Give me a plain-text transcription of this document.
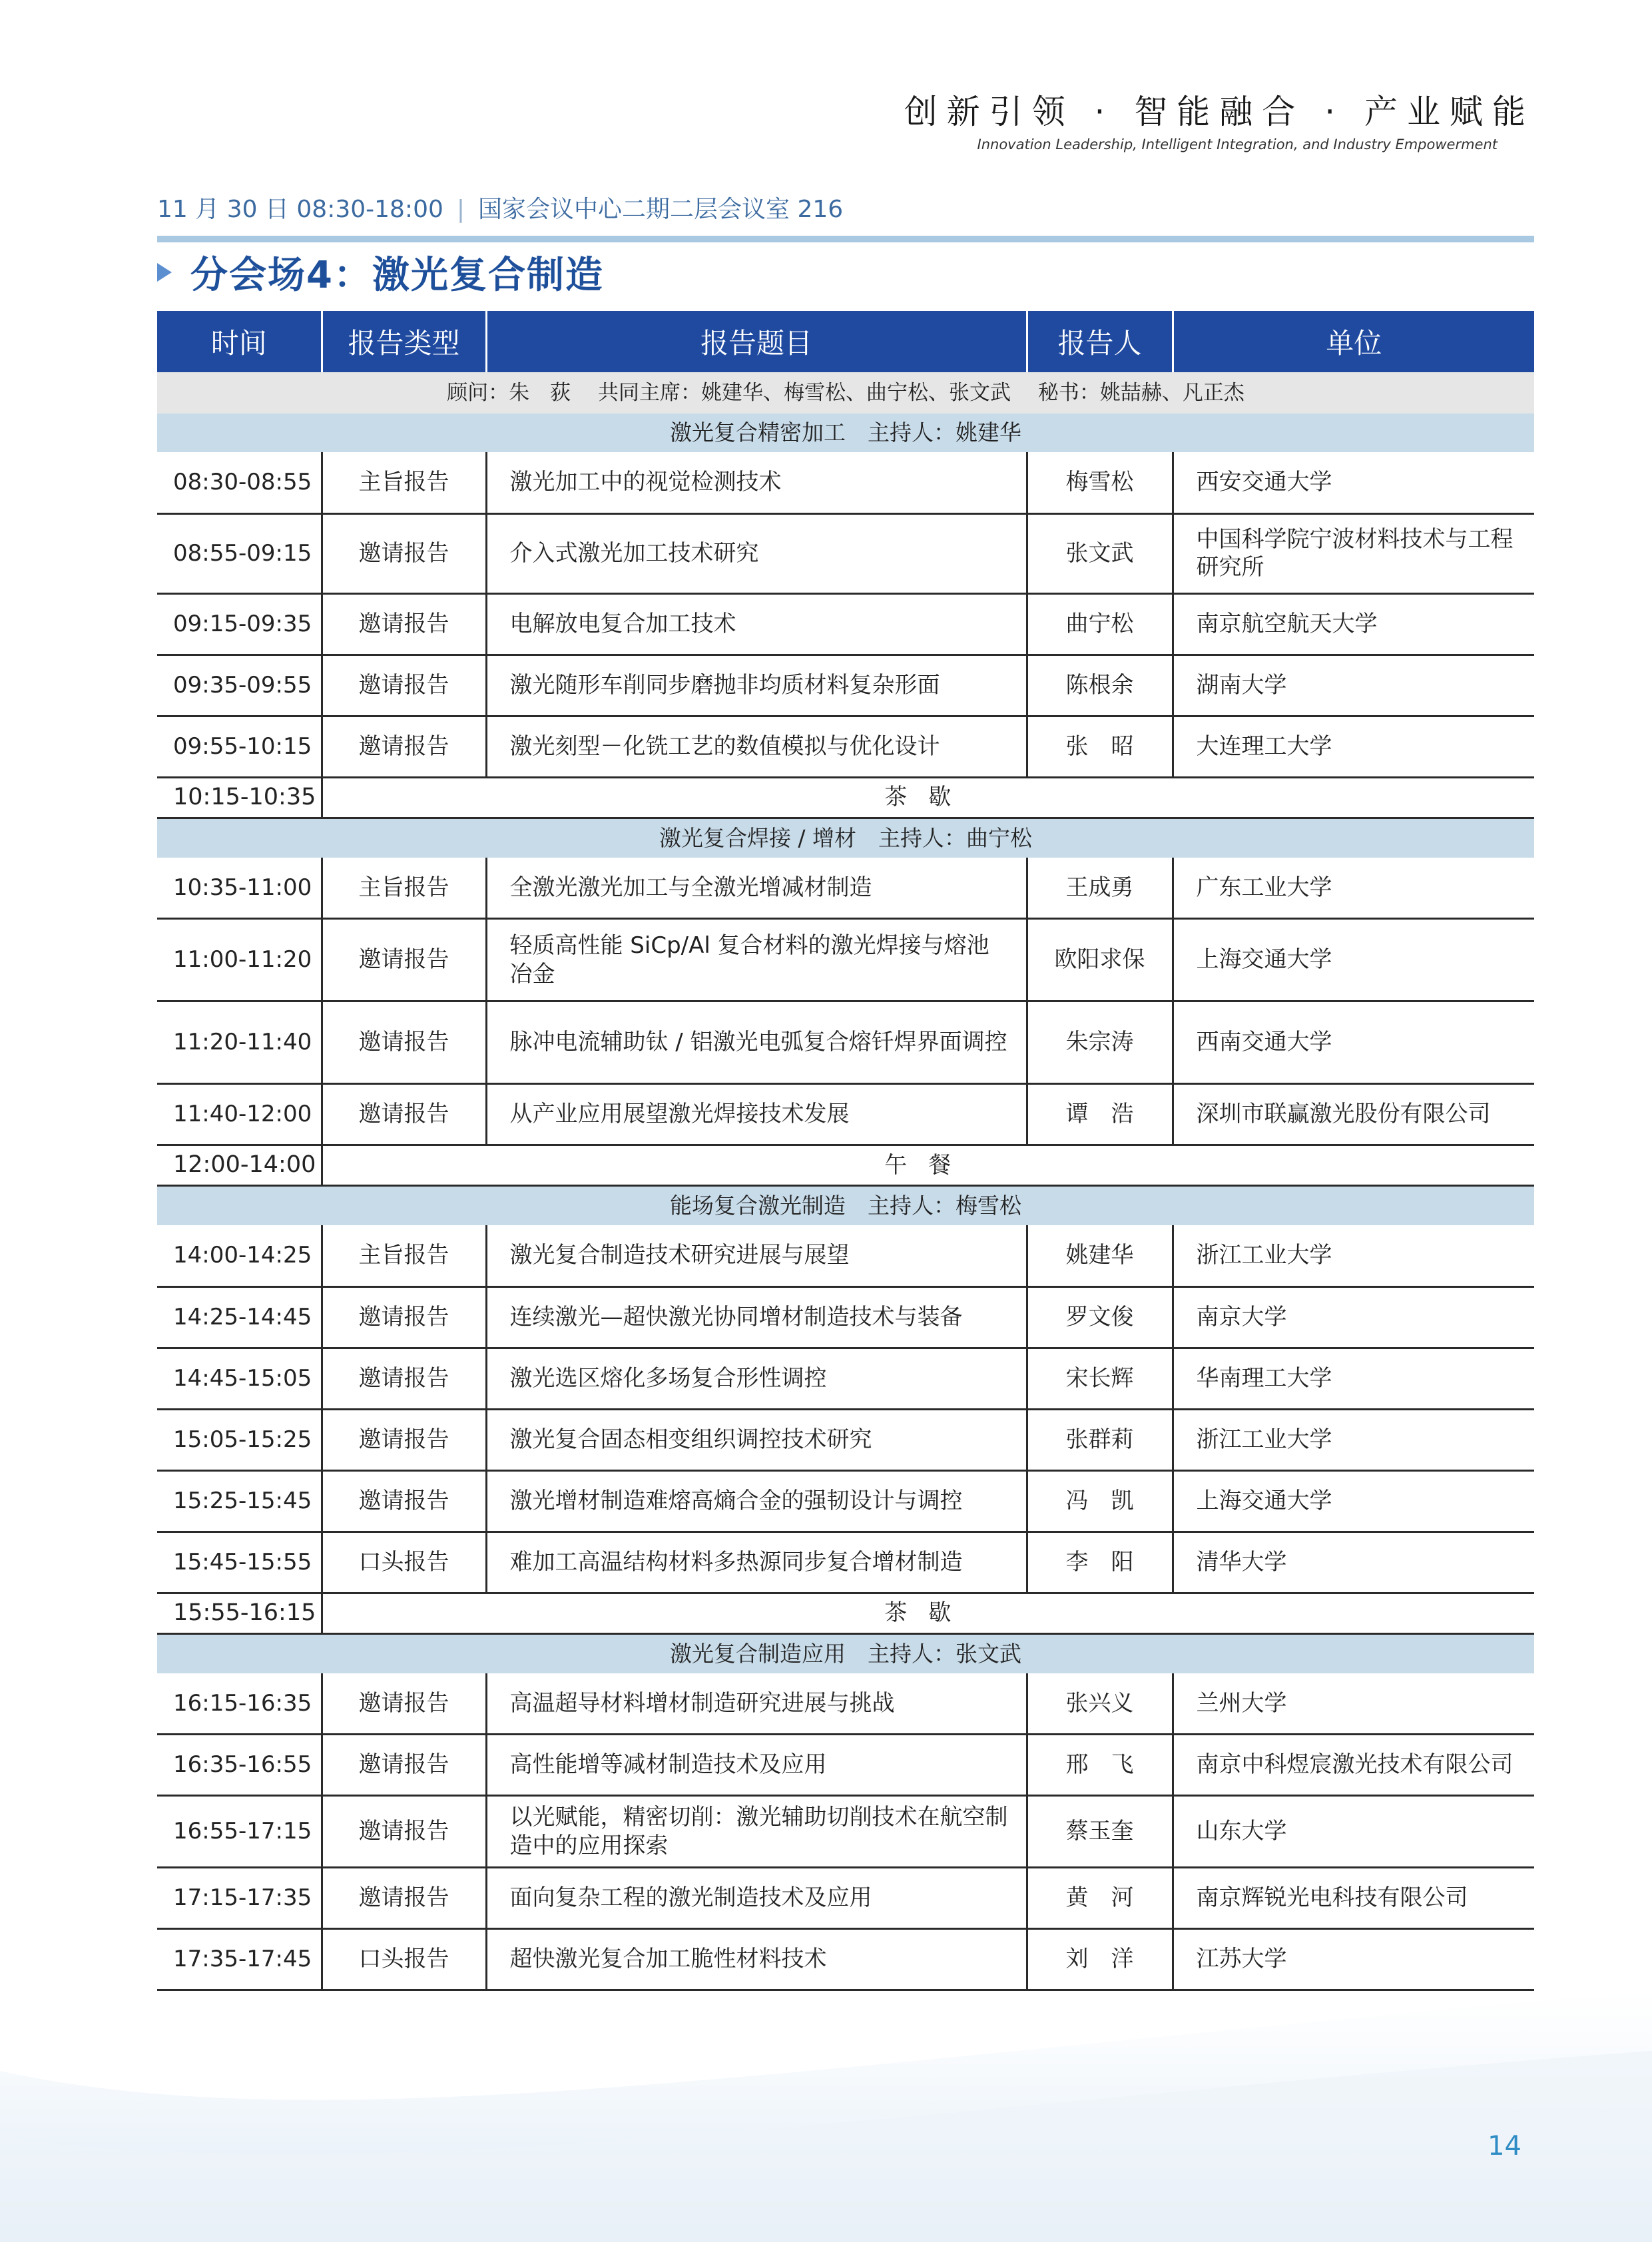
创新引领 · 智能融合 · 产业赋能
Innovation Leadership, Intelligent Integration, and Industry Empowerment
11 月 30 日 08:30-18:00 | 国家会议中心二期二层会议室 216
分会场4：激光复合制造
时间	报告类型	报告题目	报告人	单位
顾问：朱　荻　 共同主席：姚建华、梅雪松、曲宁松、张文武　 秘书：姚喆赫、凡正杰				
激光复合精密加工　主持人：姚建华				
08:30-08:55	主旨报告	激光加工中的视觉检测技术	梅雪松	西安交通大学
08:55-09:15	邀请报告	介入式激光加工技术研究	张文武	中国科学院宁波材料技术与工程研究所
09:15-09:35	邀请报告	电解放电复合加工技术	曲宁松	南京航空航天大学
09:35-09:55	邀请报告	激光随形车削同步磨抛非均质材料复杂形面	陈根余	湖南大学
09:55-10:15	邀请报告	激光刻型－化铣工艺的数值模拟与优化设计	张　昭	大连理工大学
10:15-10:35	茶歇			
激光复合焊接 / 增材　主持人：曲宁松				
10:35-11:00	主旨报告	全激光激光加工与全激光增减材制造	王成勇	广东工业大学
11:00-11:20	邀请报告	轻质高性能 SiCp/Al 复合材料的激光焊接与熔池冶金	欧阳求保	上海交通大学
11:20-11:40	邀请报告	脉冲电流辅助钛 / 铝激光电弧复合熔钎焊界面调控	朱宗涛	西南交通大学
11:40-12:00	邀请报告	从产业应用展望激光焊接技术发展	谭　浩	深圳市联赢激光股份有限公司
12:00-14:00	午餐			
能场复合激光制造　主持人：梅雪松				
14:00-14:25	主旨报告	激光复合制造技术研究进展与展望	姚建华	浙江工业大学
14:25-14:45	邀请报告	连续激光—超快激光协同增材制造技术与装备	罗文俊	南京大学
14:45-15:05	邀请报告	激光选区熔化多场复合形性调控	宋长辉	华南理工大学
15:05-15:25	邀请报告	激光复合固态相变组织调控技术研究	张群莉	浙江工业大学
15:25-15:45	邀请报告	激光增材制造难熔高熵合金的强韧设计与调控	冯　凯	上海交通大学
15:45-15:55	口头报告	难加工高温结构材料多热源同步复合增材制造	李　阳	清华大学
15:55-16:15	茶歇			
激光复合制造应用　主持人：张文武				
16:15-16:35	邀请报告	高温超导材料增材制造研究进展与挑战	张兴义	兰州大学
16:35-16:55	邀请报告	高性能增等减材制造技术及应用	邢　飞	南京中科煜宸激光技术有限公司
16:55-17:15	邀请报告	以光赋能，精密切削：激光辅助切削技术在航空制造中的应用探索	蔡玉奎	山东大学
17:15-17:35	邀请报告	面向复杂工程的激光制造技术及应用	黄　河	南京辉锐光电科技有限公司
17:35-17:45	口头报告	超快激光复合加工脆性材料技术	刘　洋	江苏大学
14
